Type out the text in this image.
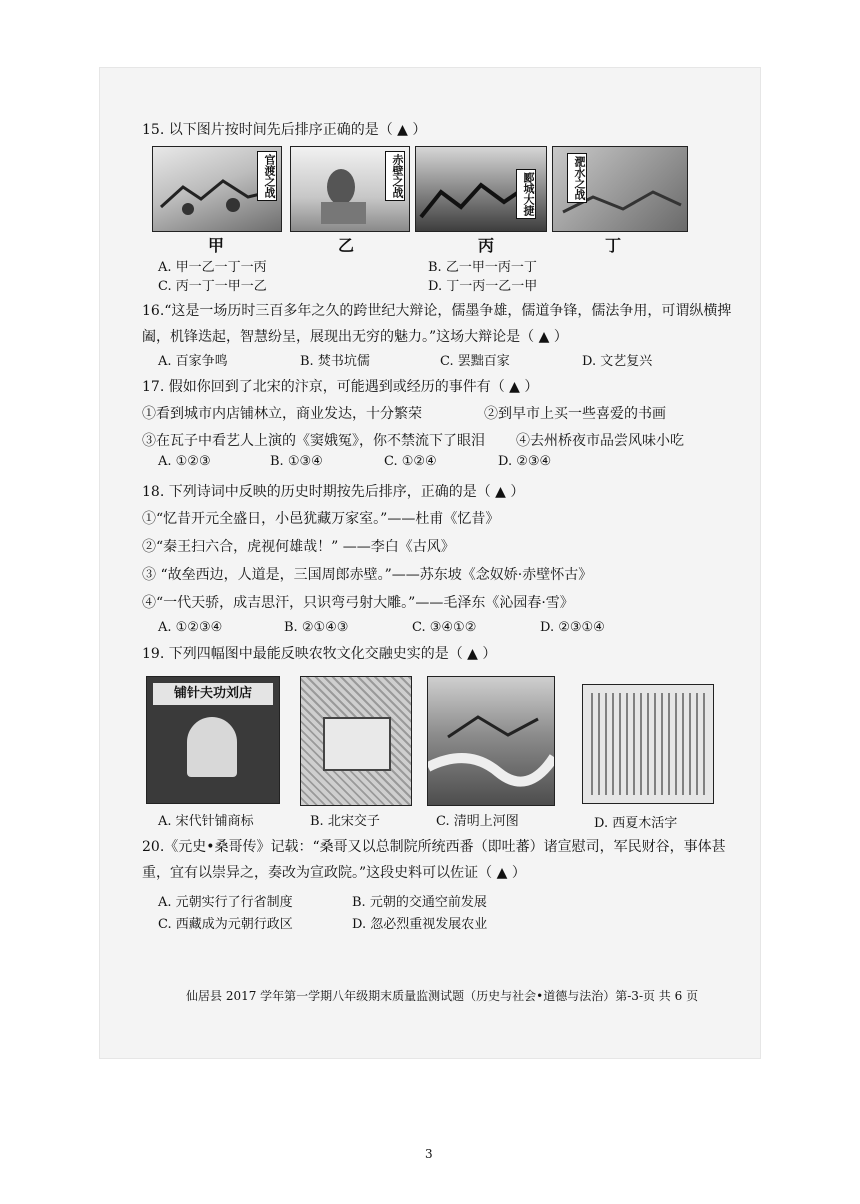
15. 以下图片按时间先后排序正确的是（ ▲ ）
官渡之战	赤壁之战	郾城大捷	淝水之战
甲	乙	丙	丁
A. 甲一乙一丁一丙	B. 乙一甲一丙一丁
C. 丙一丁一甲一乙	D. 丁一丙一乙一甲
16.“这是一场历时三百多年之久的跨世纪大辩论，儒墨争雄，儒道争锋，儒法争用，可谓纵横捭阖，机锋迭起，智慧纷呈，展现出无穷的魅力。”这场大辩论是（ ▲ ）
A. 百家争鸣	B. 焚书坑儒	C. 罢黜百家	D. 文艺复兴
17. 假如你回到了北宋的汴京，可能遇到或经历的事件有（ ▲ ）
①看到城市内店铺林立，商业发达，十分繁荣	②到早市上买一些喜爱的书画
③在瓦子中看艺人上演的《窦娥冤》，你不禁流下了眼泪 ④去州桥夜市品尝风味小吃
A. ①②③	B. ①③④	C. ①②④	D. ②③④
18. 下列诗词中反映的历史时期按先后排序，正确的是（ ▲ ）
①“忆昔开元全盛日，小邑犹藏万家室。”——杜甫《忆昔》
②“秦王扫六合，虎视何雄哉！” ——李白《古风》
③ “故垒西边，人道是，三国周郎赤壁。”——苏东坡《念奴娇·赤壁怀古》
④“一代天骄，成吉思汗，只识弯弓射大雕。”——毛泽东《沁园春·雪》
A. ①②③④	B. ②①④③	C. ③④①②	D. ②③①④
19. 下列四幅图中最能反映农牧文化交融史实的是（ ▲ ）
铺针夫功刘店
A. 宋代针铺商标	B. 北宋交子	C. 清明上河图	D. 西夏木活字
20.《元史•桑哥传》记载：“桑哥又以总制院所统西番（即吐蕃）诸宣慰司，军民财谷，事体甚重，宜有以崇异之，奏改为宣政院。”这段史料可以佐证（ ▲ ）
A. 元朝实行了行省制度	B. 元朝的交通空前发展
C. 西藏成为元朝行政区	D. 忽必烈重视发展农业
仙居县 2017 学年第一学期八年级期末质量监测试题（历史与社会•道德与法治）第-3-页 共 6 页
3
